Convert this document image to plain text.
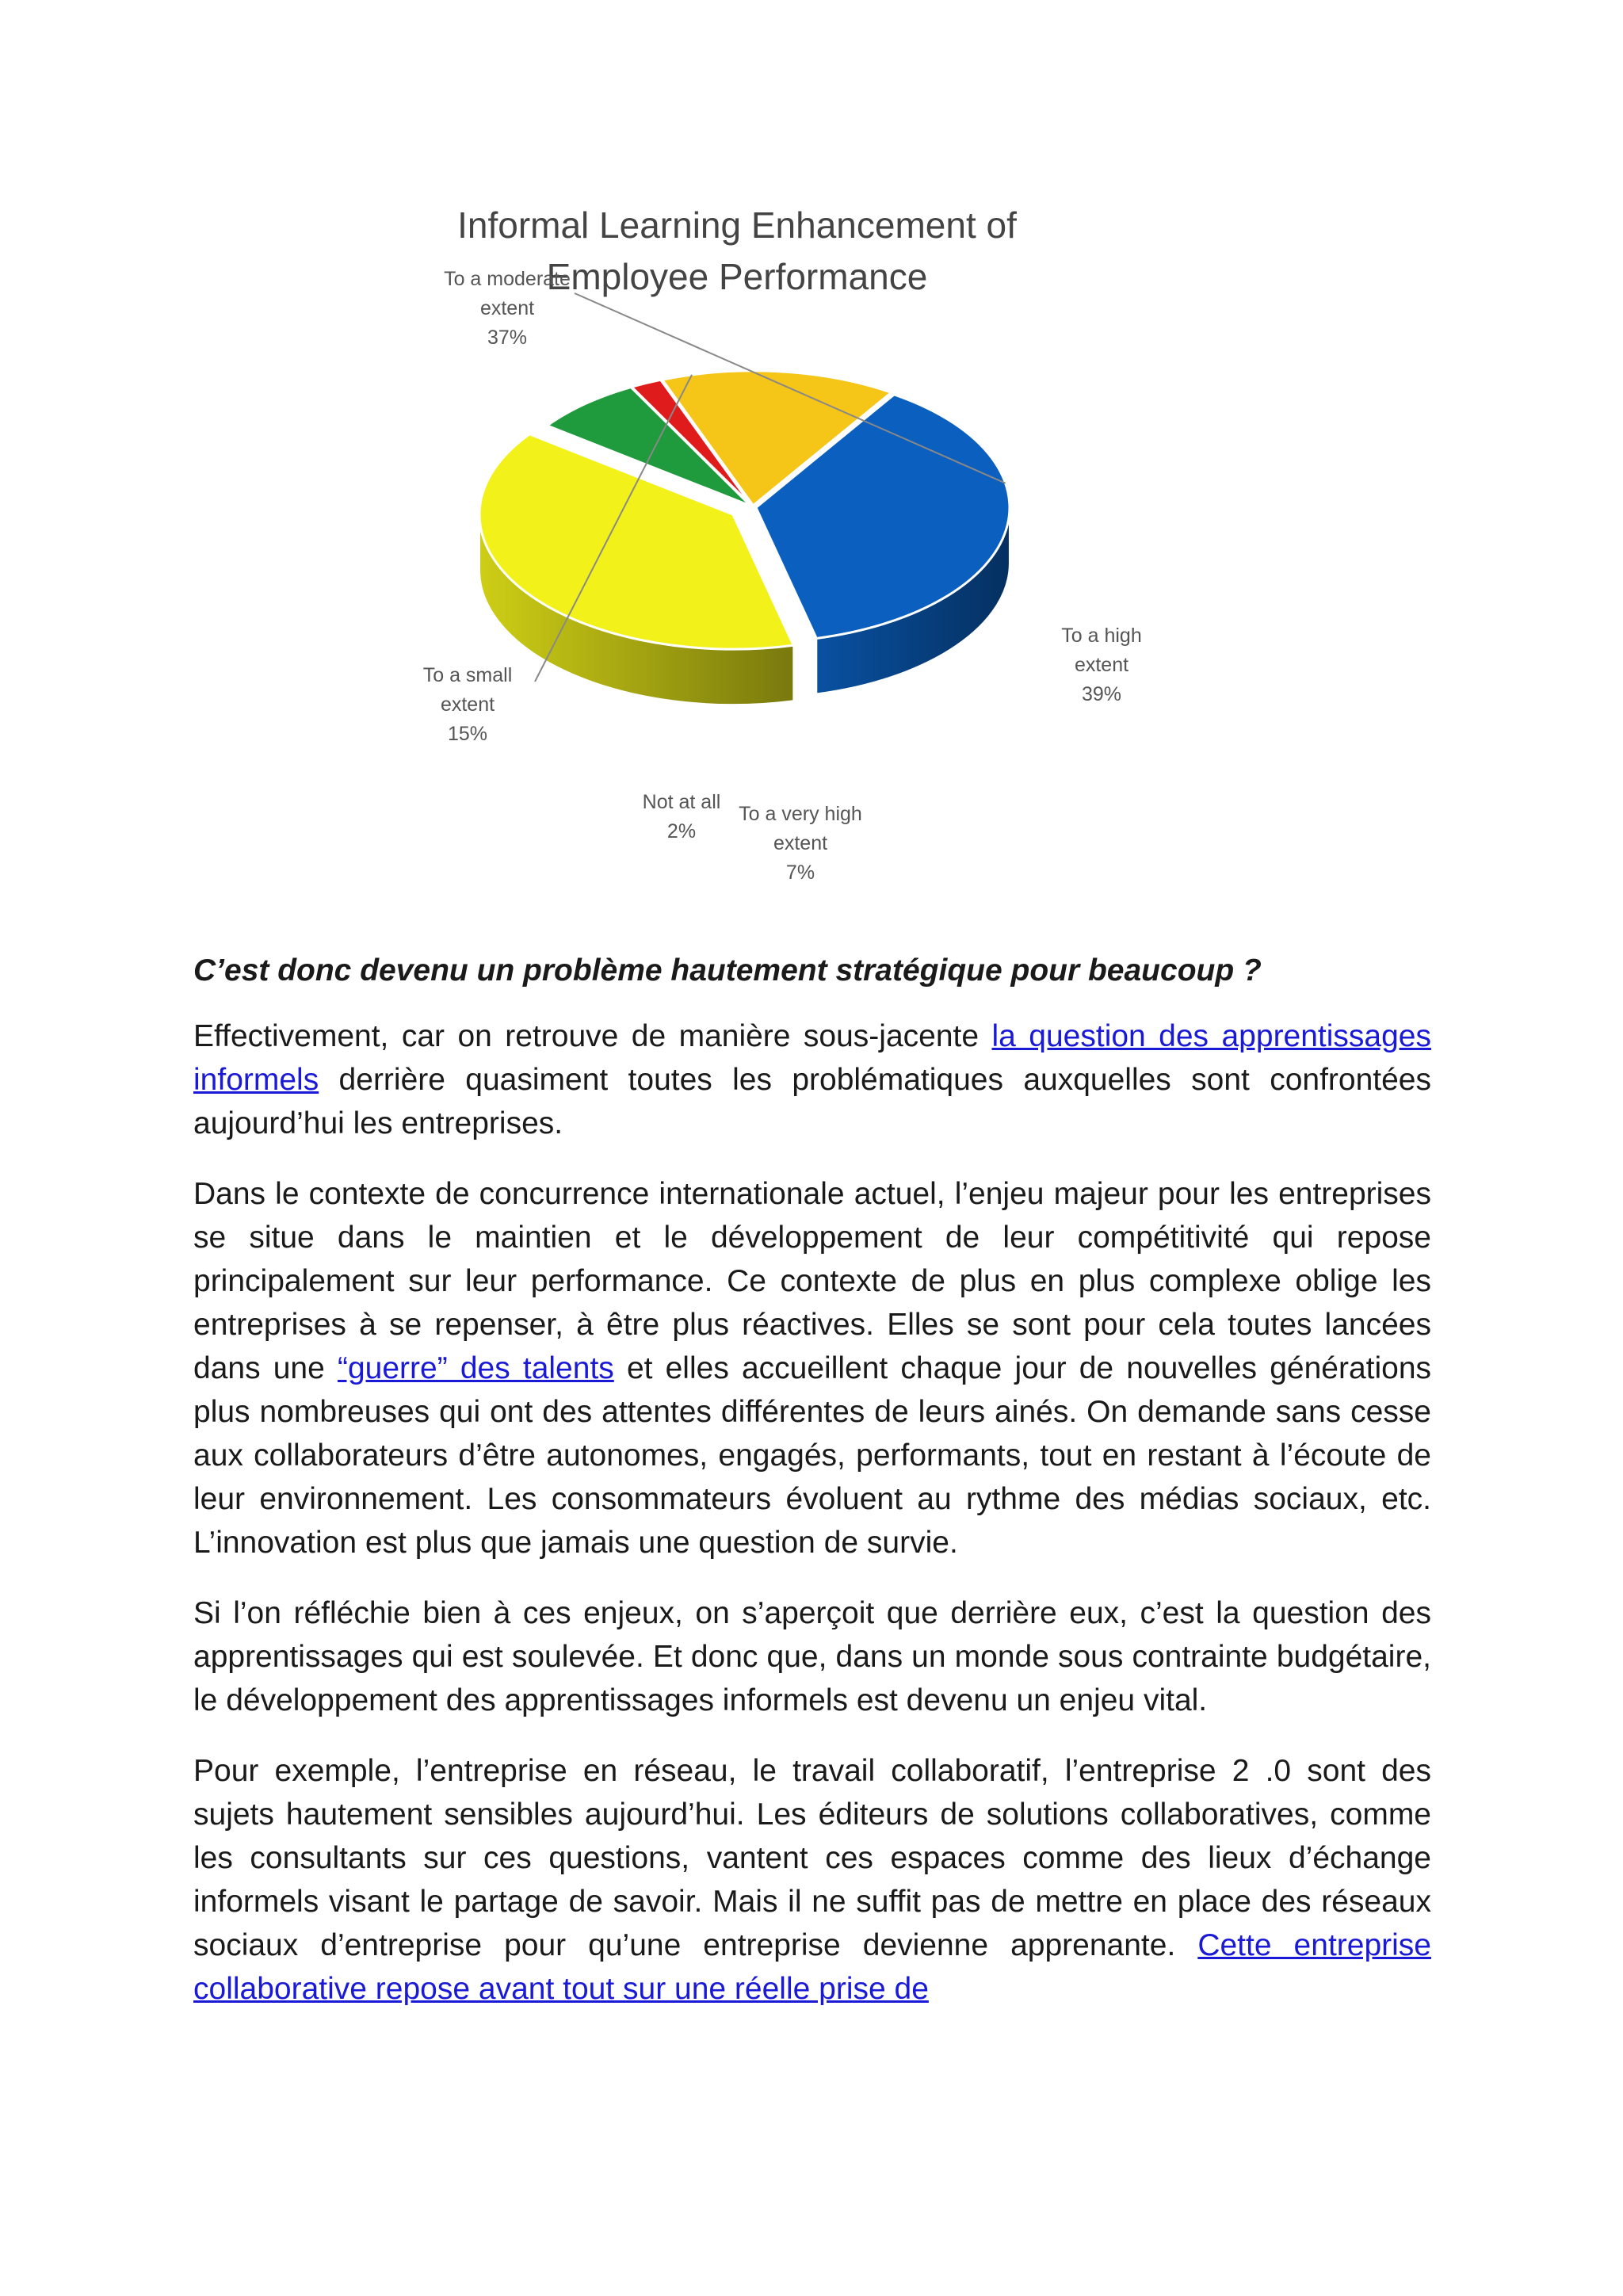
Informal Learning Enhancement of
Employee Performance
To a moderate
extent
37%
To a high
extent
39%
To a very high
extent
7%
Not at all
2%
To a small
extent
15%

C’est donc devenu un problème hautement stratégique pour beaucoup ?

Effectivement, car on retrouve de manière sous-jacente la question des apprentissages informels derrière quasiment toutes les problématiques auxquelles sont confrontées aujourd’hui les entreprises.

Dans le contexte de concurrence internationale actuel, l’enjeu majeur pour les entreprises se situe dans le maintien et le développement de leur compétitivité qui repose principalement sur leur performance. Ce contexte de plus en plus complexe oblige les entreprises à se repenser, à être plus réactives. Elles se sont pour cela toutes lancées dans une “guerre” des talents et elles accueillent chaque jour de nouvelles générations plus nombreuses qui ont des attentes différentes de leurs ainés. On demande sans cesse aux collaborateurs d’être autonomes, engagés, performants, tout en restant à l’écoute de leur environnement. Les consommateurs évoluent au rythme des médias sociaux, etc. L’innovation est plus que jamais une question de survie.

Si l’on réfléchie bien à ces enjeux, on s’aperçoit que derrière eux, c’est la question des apprentissages qui est soulevée. Et donc que, dans un monde sous contrainte budgétaire, le développement des apprentissages informels est devenu un enjeu vital.

Pour exemple, l’entreprise en réseau, le travail collaboratif, l’entreprise 2 .0 sont des sujets hautement sensibles aujourd’hui. Les éditeurs de solutions collaboratives, comme les consultants sur ces questions, vantent ces espaces comme des lieux d’échange informels visant le partage de savoir. Mais il ne suffit pas de mettre en place des réseaux sociaux d’entreprise pour qu’une entreprise devienne apprenante. Cette entreprise collaborative repose avant tout sur une réelle prise de
